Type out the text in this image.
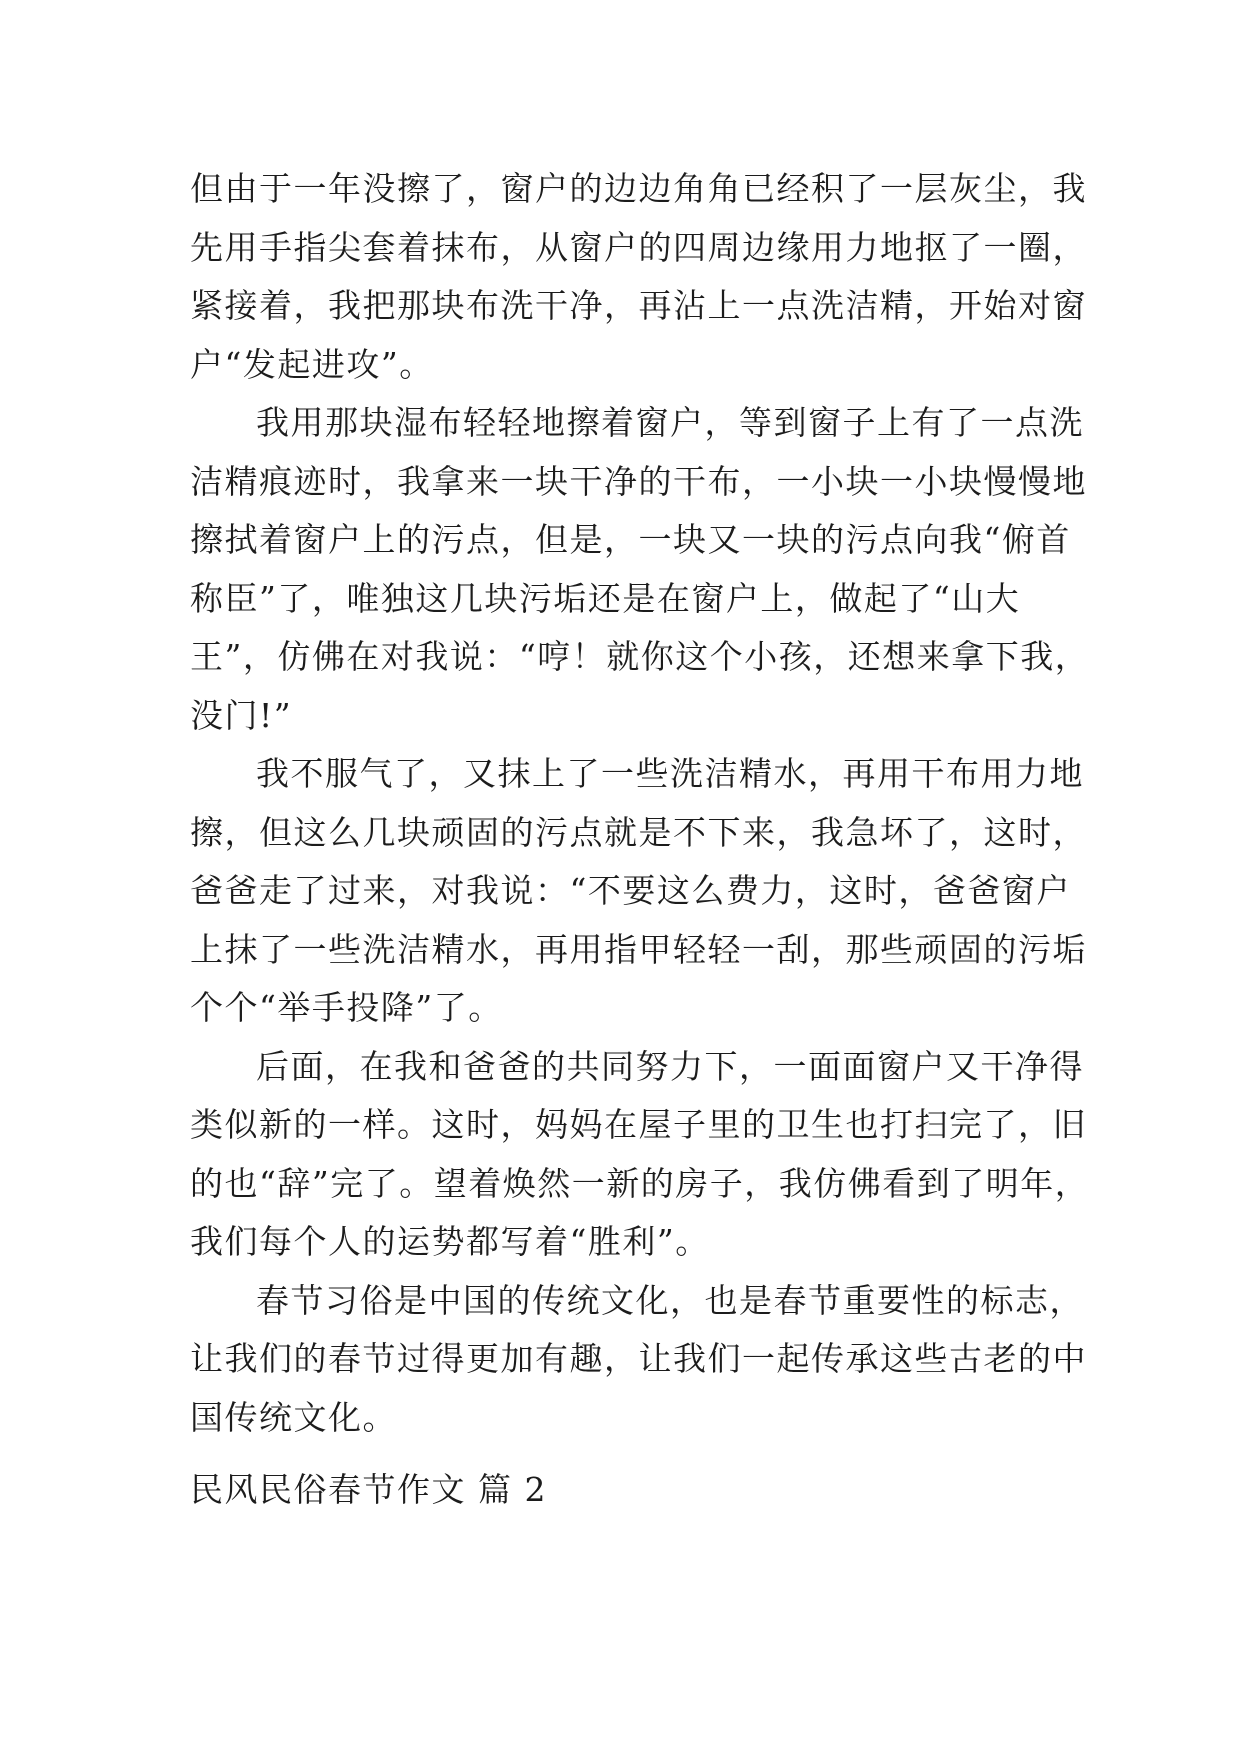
但由于一年没擦了，窗户的边边角角已经积了一层灰尘，我
先用手指尖套着抹布，从窗户的四周边缘用力地抠了一圈，
紧接着，我把那块布洗干净，再沾上一点洗洁精，开始对窗
户“发起进攻”。
我用那块湿布轻轻地擦着窗户，等到窗子上有了一点洗
洁精痕迹时，我拿来一块干净的干布，一小块一小块慢慢地
擦拭着窗户上的污点，但是，一块又一块的污点向我“俯首
称臣”了，唯独这几块污垢还是在窗户上，做起了“山大
王”，仿佛在对我说：“哼！就你这个小孩，还想来拿下我，
没门!”
我不服气了，又抹上了一些洗洁精水，再用干布用力地
擦，但这么几块顽固的污点就是不下来，我急坏了，这时，
爸爸走了过来，对我说：“不要这么费力，这时，爸爸窗户
上抹了一些洗洁精水，再用指甲轻轻一刮，那些顽固的污垢
个个“举手投降”了。
后面，在我和爸爸的共同努力下，一面面窗户又干净得
类似新的一样。这时，妈妈在屋子里的卫生也打扫完了，旧
的也“辞”完了。望着焕然一新的房子，我仿佛看到了明年，
我们每个人的运势都写着“胜利”。
春节习俗是中国的传统文化，也是春节重要性的标志，
让我们的春节过得更加有趣，让我们一起传承这些古老的中
国传统文化。

民风民俗春节作文 篇 2
